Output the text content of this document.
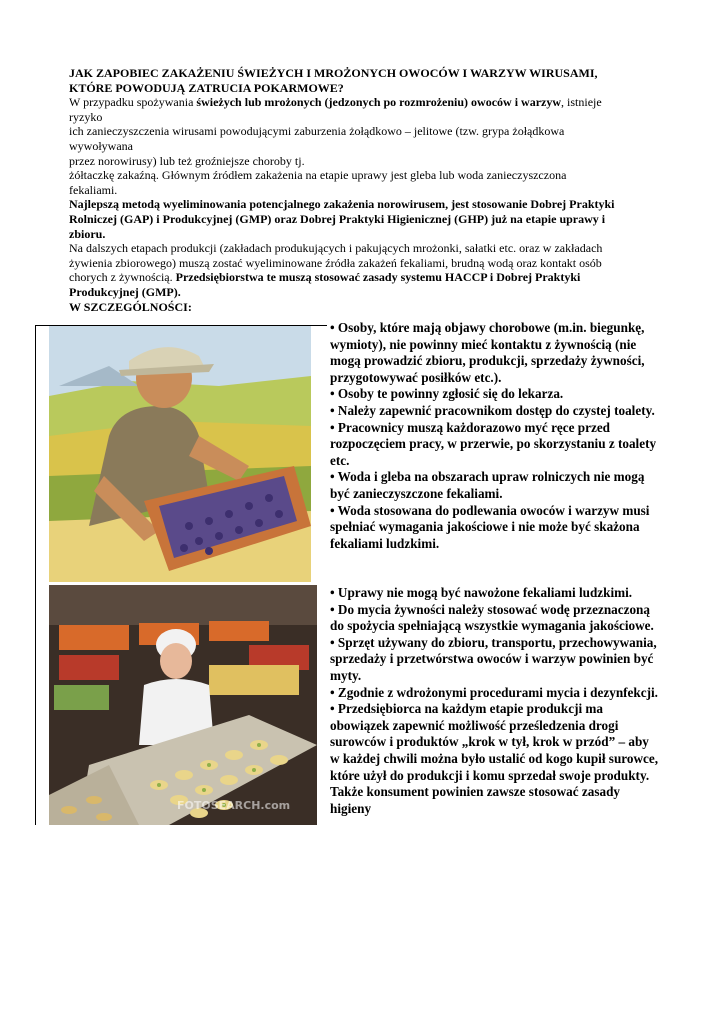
JAK ZAPOBIEC ZAKAŻENIU ŚWIEŻYCH I MROŻONYCH OWOCÓW I WARZYW WIRUSAMI,

KTÓRE POWODUJĄ ZATRUCIA POKARMOWE?

W przypadku spożywania świeżych lub mrożonych (jedzonych po rozmrożeniu) owoców i warzyw, istnieje

ryzyko

ich zanieczyszczenia wirusami powodującymi zaburzenia żołądkowo – jelitowe (tzw. grypa żołądkowa

wywoływana

przez norowirusy) lub też groźniejsze choroby tj.

żółtaczkę zakaźną. Głównym źródłem zakażenia na etapie uprawy jest gleba lub woda zanieczyszczona

fekaliami.

Najlepszą metodą wyeliminowania potencjalnego zakażenia norowirusem, jest stosowanie Dobrej Praktyki

Rolniczej (GAP) i Produkcyjnej (GMP) oraz Dobrej Praktyki Higienicznej (GHP) już na etapie uprawy i

zbioru.

Na dalszych etapach produkcji (zakładach produkujących i pakujących mrożonki, sałatki etc. oraz w zakładach

żywienia zbiorowego) muszą zostać wyeliminowane źródła zakażeń fekaliami, brudną wodą oraz kontakt osób

chorych z żywnością. Przedsiębiorstwa te muszą stosować zasady systemu HACCP i Dobrej Praktyki

Produkcyjnej (GMP).

W SZCZEGÓLNOŚCI:

FOTOSEARCH.com

• Osoby, które mają objawy chorobowe (m.in. biegunkę, wymioty), nie powinny mieć kontaktu z żywnością (nie mogą prowadzić zbioru, produkcji, sprzedaży żywności, przygotowywać posiłków etc.).

• Osoby te powinny zgłosić się do lekarza.

• Należy zapewnić pracownikom dostęp do czystej toalety.

• Pracownicy muszą każdorazowo myć ręce przed rozpoczęciem pracy, w przerwie, po skorzystaniu z toalety etc.

• Woda i gleba na obszarach upraw rolniczych nie mogą być zanieczyszczone fekaliami.

• Woda stosowana do podlewania owoców i warzyw musi spełniać wymagania jakościowe i nie może być skażona fekaliami ludzkimi.

• Uprawy nie mogą być nawożone fekaliami ludzkimi.

• Do mycia żywności należy stosować wodę przeznaczoną do spożycia spełniającą wszystkie wymagania jakościowe.

• Sprzęt używany do zbioru, transportu, przechowywania, sprzedaży i przetwórstwa owoców i warzyw powinien być myty.

• Zgodnie z wdrożonymi procedurami mycia i dezynfekcji.

• Przedsiębiorca na każdym etapie produkcji ma obowiązek zapewnić możliwość prześledzenia drogi surowców i produktów „krok w tył, krok w przód” – aby w każdej chwili można było ustalić od kogo kupił surowce, które użył do produkcji i komu sprzedał swoje produkty.

Także konsument powinien zawsze stosować zasady higieny
